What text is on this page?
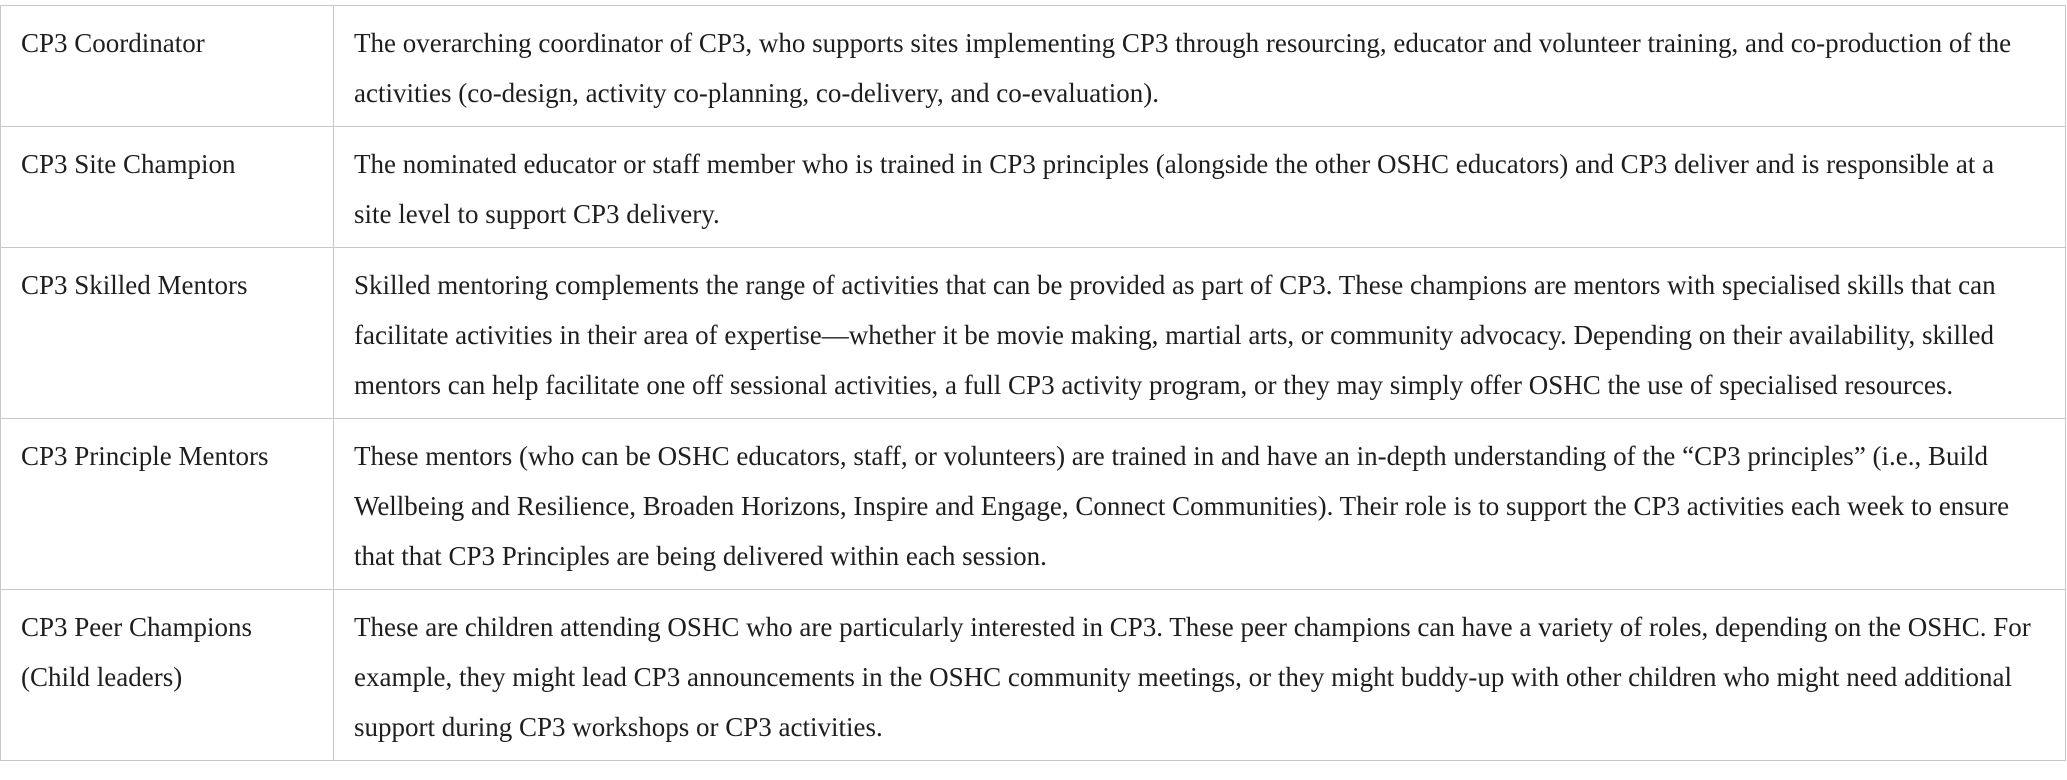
CP3 Coordinator	The overarching coordinator of CP3, who supports sites implementing CP3 through resourcing, educator and volunteer training, and co-production of the activities (co-design, activity co-planning, co-delivery, and co-evaluation).
CP3 Site Champion	The nominated educator or staff member who is trained in CP3 principles (alongside the other OSHC educators) and CP3 deliver and is responsible at a site level to support CP3 delivery.
CP3 Skilled Mentors	Skilled mentoring complements the range of activities that can be provided as part of CP3. These champions are mentors with specialised skills that can facilitate activities in their area of expertise—whether it be movie making, martial arts, or community advocacy. Depending on their availability, skilled mentors can help facilitate one off sessional activities, a full CP3 activity program, or they may simply offer OSHC the use of specialised resources.
CP3 Principle Mentors	These mentors (who can be OSHC educators, staff, or volunteers) are trained in and have an in-depth understanding of the “CP3 principles” (i.e., Build Wellbeing and Resilience, Broaden Horizons, Inspire and Engage, Connect Communities). Their role is to support the CP3 activities each week to ensure that that CP3 Principles are being delivered within each session.
CP3 Peer Champions (Child leaders)	These are children attending OSHC who are particularly interested in CP3. These peer champions can have a variety of roles, depending on the OSHC. For example, they might lead CP3 announcements in the OSHC community meetings, or they might buddy-up with other children who might need additional support during CP3 workshops or CP3 activities.
